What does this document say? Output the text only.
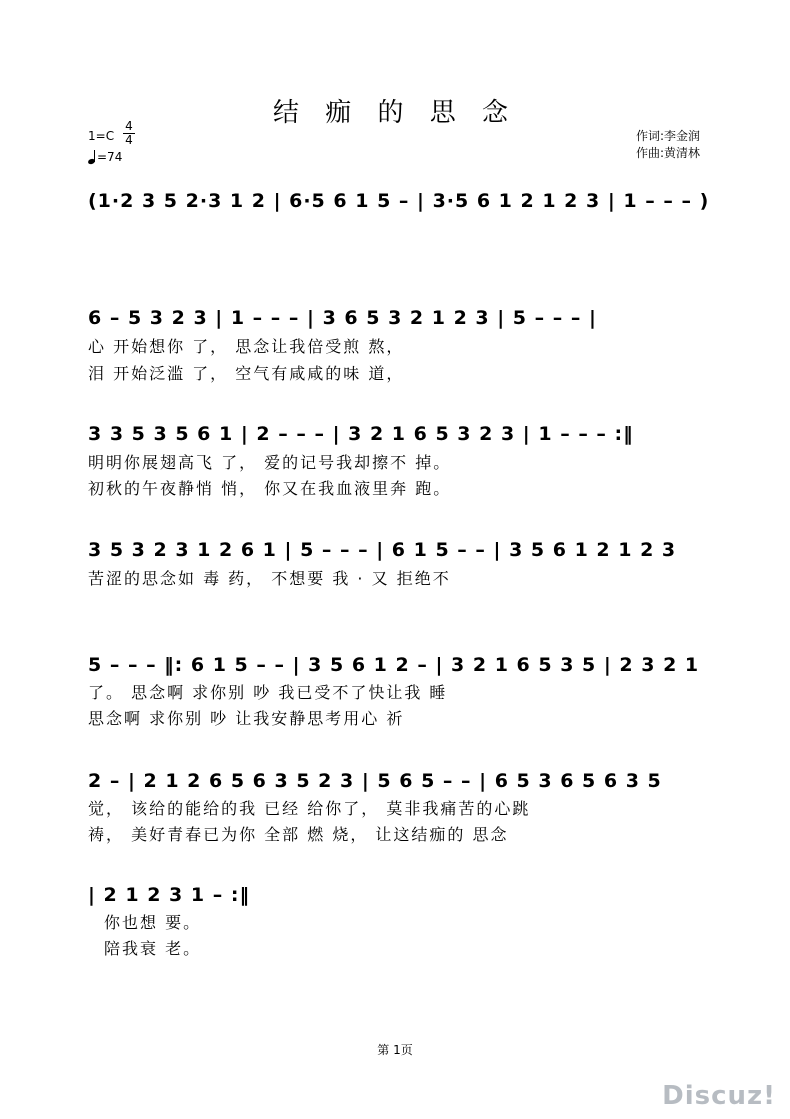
结 痂 的 思 念
1=C
4
4
=74
作词:李金润
作曲:黄清林
(1·2 3 5 2·3 1 2 | 6·5 6 1 5 – | 3·5 6 1 2 1 2 3 | 1 – – – )
6 – 5 3 2 3 | 1 – – – | 3 6 5 3 2 1 2 3 | 5 – – – |
心 开始想你 了， 思念让我倍受煎 熬，
泪 开始泛滥 了， 空气有咸咸的味 道，
3 3 5 3 5 6 1 | 2 – – – | 3 2 1 6 5 3 2 3 | 1 – – – :‖
明明你展翅高飞 了， 爱的记号我却擦不 掉。
初秋的午夜静悄 悄， 你又在我血液里奔 跑。
3 5 3 2 3 1 2 6 1 | 5 – – – | 6 1 5 – – | 3 5 6 1 2 1 2 3
苦涩的思念如 毒 药， 不想要 我 · 又 拒绝不
5 – – – ‖: 6 1 5 – – | 3 5 6 1 2 – | 3 2 1 6 5 3 5 | 2 3 2 1
了。 思念啊 求你别 吵 我已受不了快让我 睡
思念啊 求你别 吵 让我安静思考用心 祈
2 – | 2 1 2 6 5 6 3 5 2 3 | 5 6 5 – – | 6 5 3 6 5 6 3 5
觉， 该给的能给的我 已经 给你了， 莫非我痛苦的心跳
祷， 美好青春已为你 全部 燃 烧， 让这结痂的 思念
| 2 1 2 3 1 – :‖
你也想 要。
陪我衰 老。
第 1页
Discuz!
